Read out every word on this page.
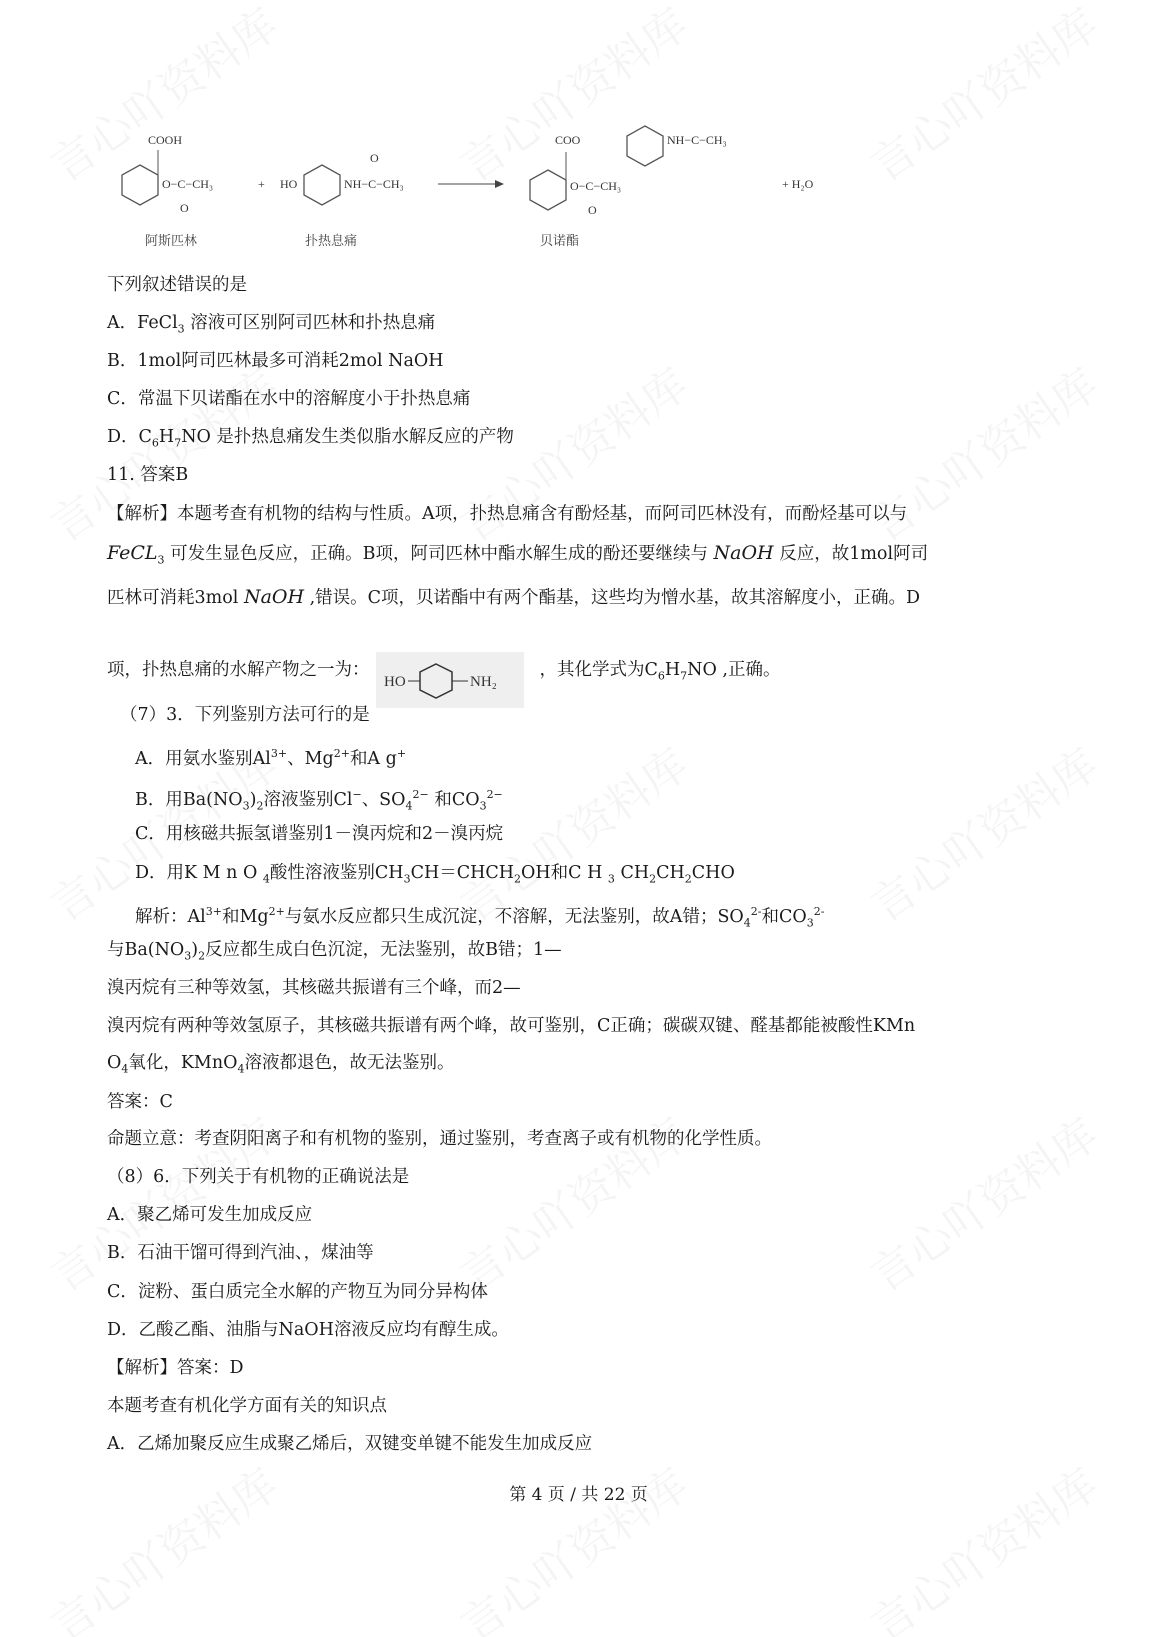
COOH
O−C−CH₃
O
+
阿斯匹林
HO	NH−C−CH₃
O
扑热息痛
COO	NH−C−CH₃
O−C−CH₃
O
+ H₂O
贝诺酯
下列叙述错误的是
A．FeCl$_3$ 溶液可区别阿司匹林和扑热息痛
B．1mol阿司匹林最多可消耗2mol NaOH
C．常温下贝诺酯在水中的溶解度小于扑热息痛
D．$C_6H_7NO$ 是扑热息痛发生类似脂水解反应的产物
11. 答案B
【解析】本题考查有机物的结构与性质。A项，扑热息痛含有酚烃基，而阿司匹林没有，而酚烃基可以与
FeCL$_3$ 可发生显色反应，正确。B项，阿司匹林中酯水解生成的酚还要继续与 NaOH 反应，故1mol阿司
匹林可消耗3mol NaOH ,错误。C项，贝诺酯中有两个酯基，这些均为憎水基，故其溶解度小，正确。D
项，扑热息痛的水解产物之一为：	，其化学式为$C_6H_7NO$ ,正确。
（7）3．下列鉴别方法可行的是
A．用氨水鉴别$Al^{3+}$、$Mg^{2+}$和A g+
B．用$Ba(NO_3)_2$溶液鉴别Cl−、$SO_4^{2-}$ 和$CO_3^{2-}$
C．用核磁共振氢谱鉴别1－溴丙烷和2－溴丙烷
D．用K M n O $_4$酸性溶液鉴别$CH_3CH=CHCH_2OH$和C H $_3$ $CH_2CH_2CHO$
解析：$Al^{3+}$和$Mg^{2+}$与氨水反应都只生成沉淀，不溶解，无法鉴别，故A错；$SO_4^{2-}$和$CO_3^{2-}$
与$Ba(NO_3)_2$反应都生成白色沉淀，无法鉴别，故B错；1—
溴丙烷有三种等效氢，其核磁共振谱有三个峰，而2—
溴丙烷有两种等效氢原子，其核磁共振谱有两个峰，故可鉴别，C正确；碳碳双键、醛基都能被酸性KMn
$O_4$氧化，KMnO$_4$溶液都退色，故无法鉴别。
答案：C
命题立意：考查阴阳离子和有机物的鉴别，通过鉴别，考查离子或有机物的化学性质。
（8）6．下列关于有机物的正确说法是
A．聚乙烯可发生加成反应
B．石油干馏可得到汽油、，煤油等
C．淀粉、蛋白质完全水解的产物互为同分异构体
D．乙酸乙酯、油脂与NaOH溶液反应均有醇生成。
【解析】答案：D
本题考查有机化学方面有关的知识点
A．乙烯加聚反应生成聚乙烯后，双键变单键不能发生加成反应
HO	NH₂
第 4 页 / 共 22 页
